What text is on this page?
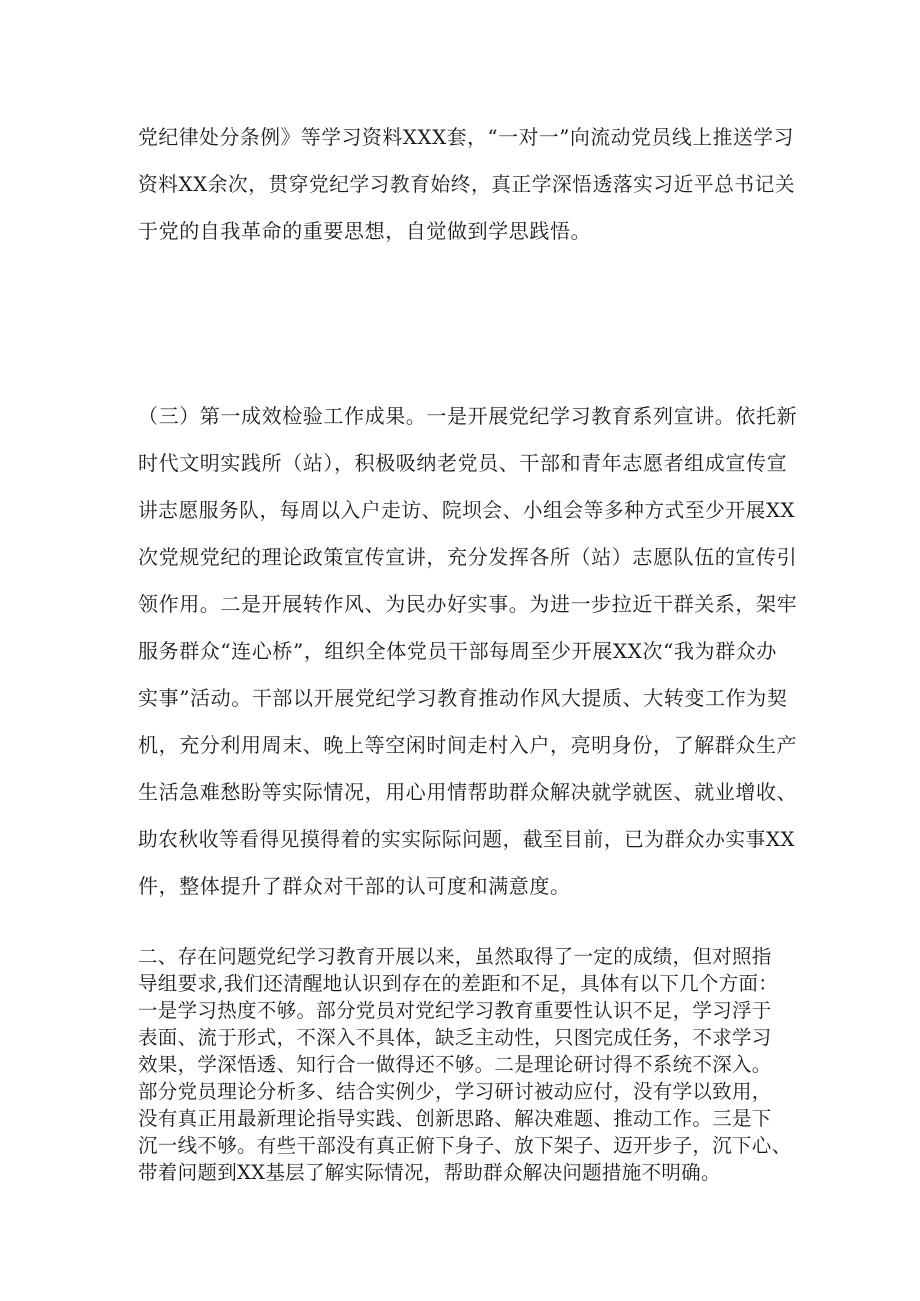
党纪律处分条例》等学习资料XXX套，“一对一”向流动党员线上推送学习
资料XX余次，贯穿党纪学习教育始终，真正学深悟透落实习近平总书记关
于党的自我革命的重要思想，自觉做到学思践悟。
（三）第一成效检验工作成果。一是开展党纪学习教育系列宣讲。依托新
时代文明实践所（站），积极吸纳老党员、干部和青年志愿者组成宣传宣
讲志愿服务队，每周以入户走访、院坝会、小组会等多种方式至少开展XX
次党规党纪的理论政策宣传宣讲，充分发挥各所（站）志愿队伍的宣传引
领作用。二是开展转作风、为民办好实事。为进一步拉近干群关系，架牢
服务群众“连心桥”，组织全体党员干部每周至少开展XX次“我为群众办
实事”活动。干部以开展党纪学习教育推动作风大提质、大转变工作为契
机，充分利用周末、晚上等空闲时间走村入户，亮明身份，了解群众生产
生活急难愁盼等实际情况，用心用情帮助群众解决就学就医、就业增收、
助农秋收等看得见摸得着的实实际际问题，截至目前，已为群众办实事XX
件，整体提升了群众对干部的认可度和满意度。
二、存在问题党纪学习教育开展以来，虽然取得了一定的成绩，但对照指
导组要求,我们还清醒地认识到存在的差距和不足，具体有以下几个方面：
一是学习热度不够。部分党员对党纪学习教育重要性认识不足，学习浮于
表面、流于形式，不深入不具体，缺乏主动性，只图完成任务，不求学习
效果，学深悟透、知行合一做得还不够。二是理论研讨得不系统不深入。
部分党员理论分析多、结合实例少，学习研讨被动应付，没有学以致用，
没有真正用最新理论指导实践、创新思路、解决难题、推动工作。三是下
沉一线不够。有些干部没有真正俯下身子、放下架子、迈开步子，沉下心、
带着问题到XX基层了解实际情况，帮助群众解决问题措施不明确。
